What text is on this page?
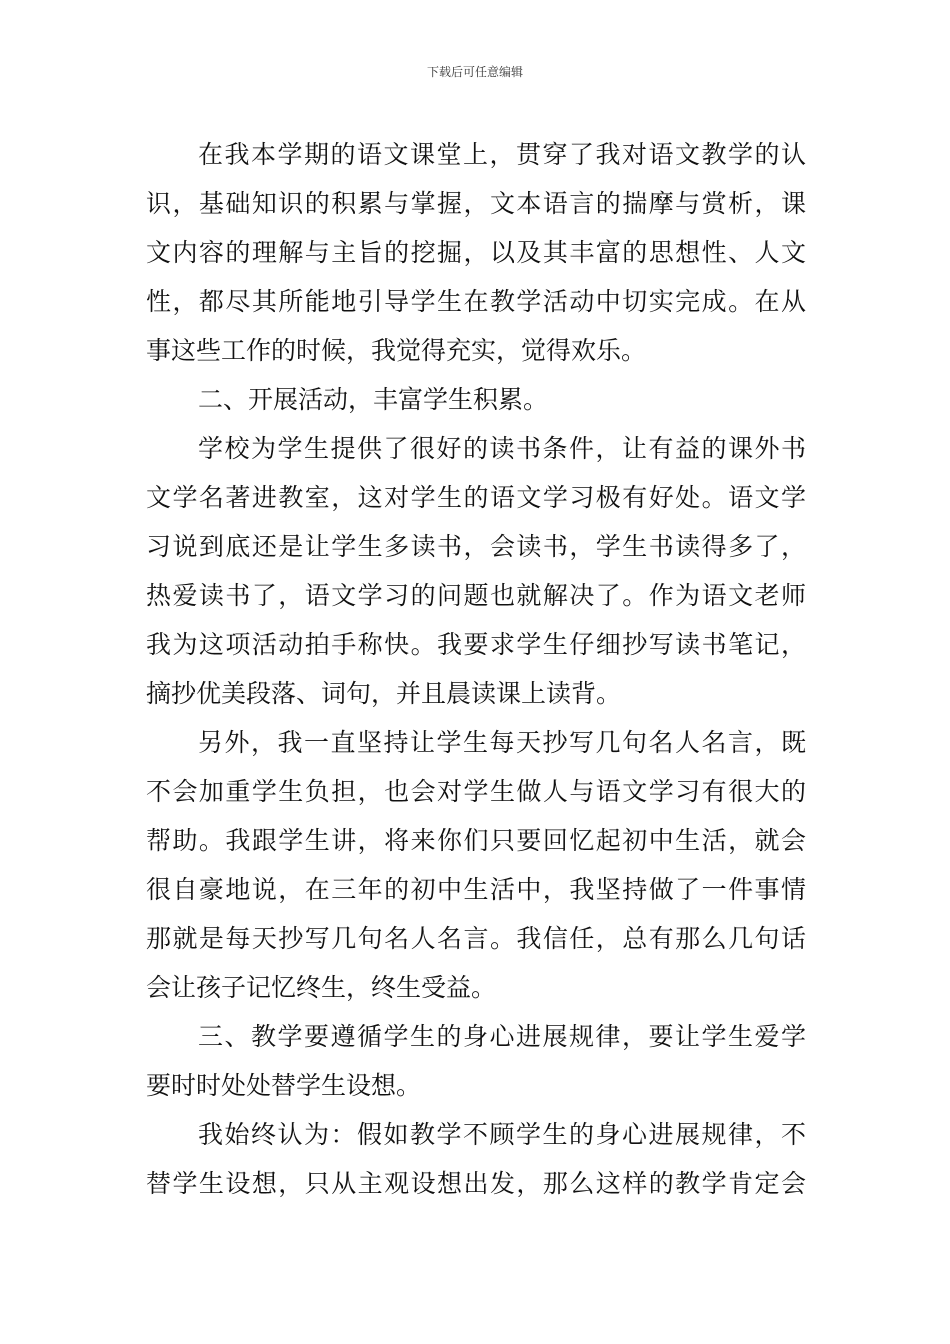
下载后可任意编辑
在我本学期的语文课堂上，贯穿了我对语文教学的认
识，基础知识的积累与掌握，文本语言的揣摩与赏析，课
文内容的理解与主旨的挖掘，以及其丰富的思想性、人文
性，都尽其所能地引导学生在教学活动中切实完成。在从
事这些工作的时候，我觉得充实，觉得欢乐。
二、开展活动，丰富学生积累。
学校为学生提供了很好的读书条件，让有益的课外书
文学名著进教室，这对学生的语文学习极有好处。语文学
习说到底还是让学生多读书，会读书，学生书读得多了，
热爱读书了，语文学习的问题也就解决了。作为语文老师
我为这项活动拍手称快。我要求学生仔细抄写读书笔记，
摘抄优美段落、词句，并且晨读课上读背。
另外，我一直坚持让学生每天抄写几句名人名言，既
不会加重学生负担，也会对学生做人与语文学习有很大的
帮助。我跟学生讲，将来你们只要回忆起初中生活，就会
很自豪地说，在三年的初中生活中，我坚持做了一件事情
那就是每天抄写几句名人名言。我信任，总有那么几句话
会让孩子记忆终生，终生受益。
三、教学要遵循学生的身心进展规律，要让学生爱学
要时时处处替学生设想。
我始终认为：假如教学不顾学生的身心进展规律，不
替学生设想，只从主观设想出发，那么这样的教学肯定会
